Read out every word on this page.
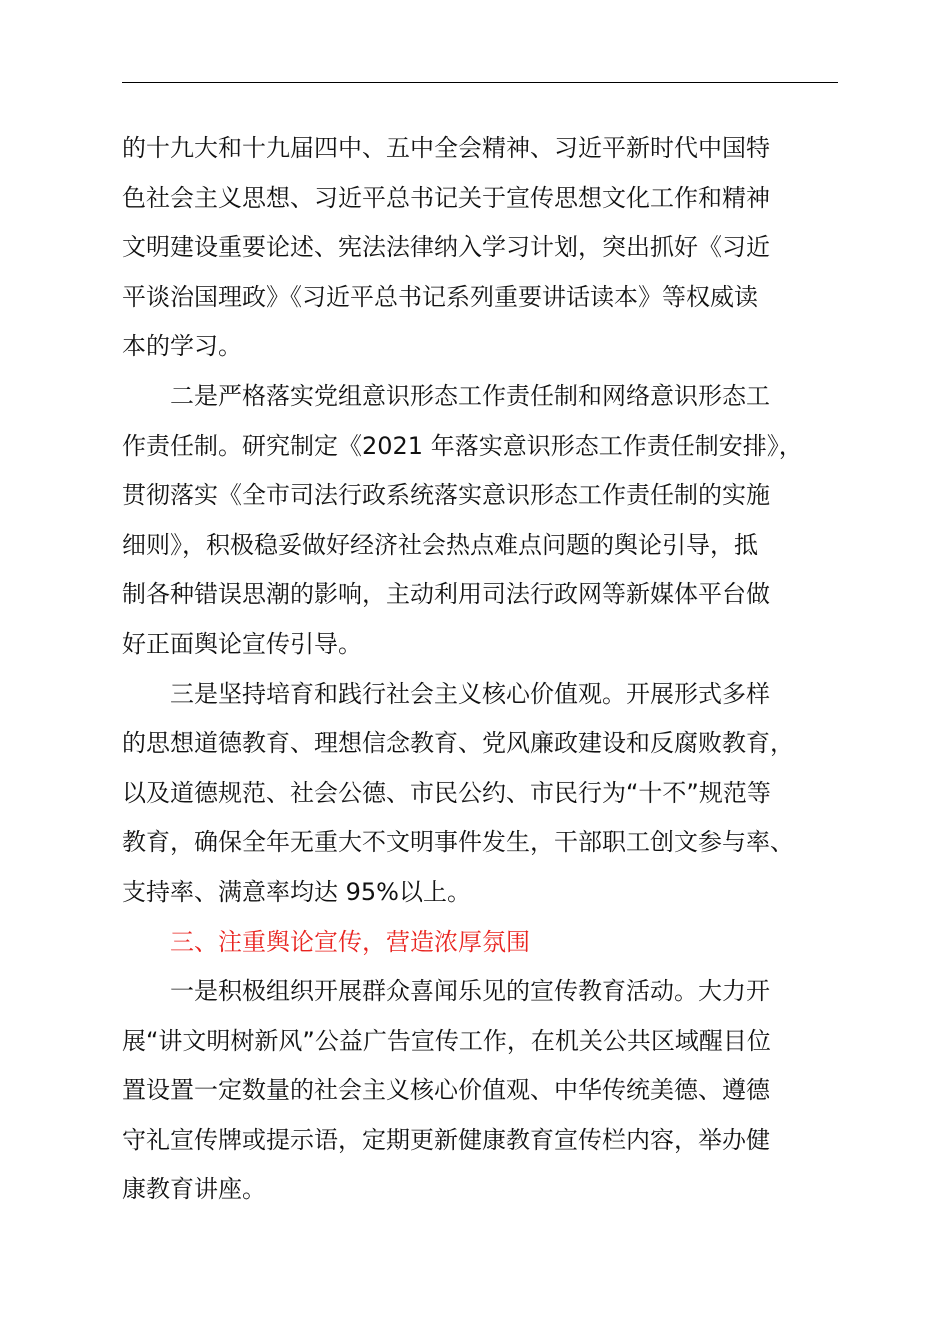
的十九大和十九届四中、五中全会精神、习近平新时代中国特
色社会主义思想、习近平总书记关于宣传思想文化工作和精神
文明建设重要论述、宪法法律纳入学习计划，突出抓好《习近
平谈治国理政》《习近平总书记系列重要讲话读本》等权威读
本的学习。
二是严格落实党组意识形态工作责任制和网络意识形态工
作责任制。研究制定《2021 年落实意识形态工作责任制安排》，
贯彻落实《全市司法行政系统落实意识形态工作责任制的实施
细则》，积极稳妥做好经济社会热点难点问题的舆论引导，抵
制各种错误思潮的影响，主动利用司法行政网等新媒体平台做
好正面舆论宣传引导。
三是坚持培育和践行社会主义核心价值观。开展形式多样
的思想道德教育、理想信念教育、党风廉政建设和反腐败教育，
以及道德规范、社会公德、市民公约、市民行为“十不”规范等
教育，确保全年无重大不文明事件发生，干部职工创文参与率、
支持率、满意率均达 95%以上。
三、注重舆论宣传，营造浓厚氛围
一是积极组织开展群众喜闻乐见的宣传教育活动。大力开
展“讲文明树新风”公益广告宣传工作，在机关公共区域醒目位
置设置一定数量的社会主义核心价值观、中华传统美德、遵德
守礼宣传牌或提示语，定期更新健康教育宣传栏内容，举办健
康教育讲座。
